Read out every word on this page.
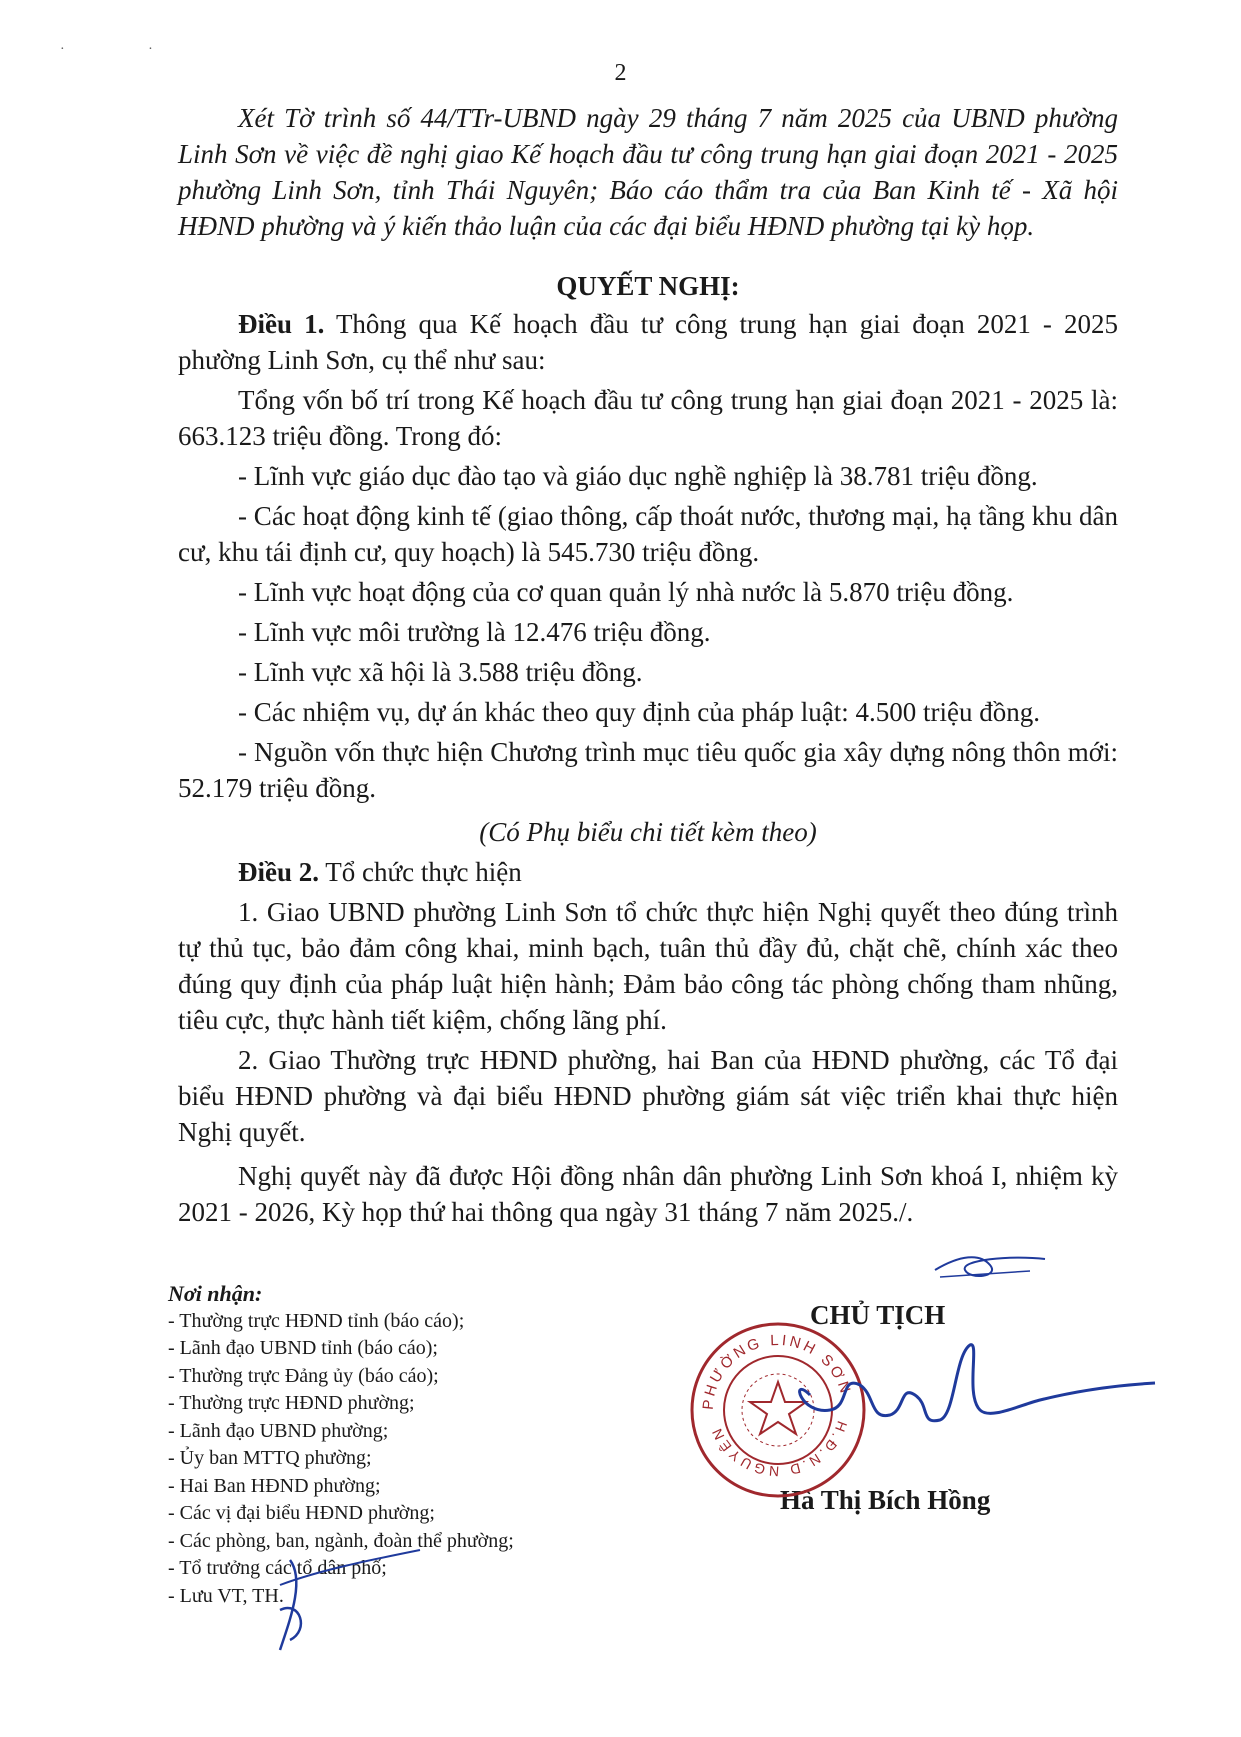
· ·
2

Xét Tờ trình số 44/TTr-UBND ngày 29 tháng 7 năm 2025 của UBND phường Linh Sơn về việc đề nghị giao Kế hoạch đầu tư công trung hạn giai đoạn 2021 - 2025 phường Linh Sơn, tỉnh Thái Nguyên; Báo cáo thẩm tra của Ban Kinh tế - Xã hội HĐND phường và ý kiến thảo luận của các đại biểu HĐND phường tại kỳ họp.

QUYẾT NGHỊ:

Điều 1. Thông qua Kế hoạch đầu tư công trung hạn giai đoạn 2021 - 2025 phường Linh Sơn, cụ thể như sau:

Tổng vốn bố trí trong Kế hoạch đầu tư công trung hạn giai đoạn 2021 - 2025 là: 663.123 triệu đồng. Trong đó:

- Lĩnh vực giáo dục đào tạo và giáo dục nghề nghiệp là 38.781 triệu đồng.

- Các hoạt động kinh tế (giao thông, cấp thoát nước, thương mại, hạ tầng khu dân cư, khu tái định cư, quy hoạch) là 545.730 triệu đồng.

- Lĩnh vực hoạt động của cơ quan quản lý nhà nước là 5.870 triệu đồng.

- Lĩnh vực môi trường là 12.476 triệu đồng.

- Lĩnh vực xã hội là 3.588 triệu đồng.

- Các nhiệm vụ, dự án khác theo quy định của pháp luật: 4.500 triệu đồng.

- Nguồn vốn thực hiện Chương trình mục tiêu quốc gia xây dựng nông thôn mới: 52.179 triệu đồng.

(Có Phụ biểu chi tiết kèm theo)

Điều 2. Tổ chức thực hiện

1. Giao UBND phường Linh Sơn tổ chức thực hiện Nghị quyết theo đúng trình tự thủ tục, bảo đảm công khai, minh bạch, tuân thủ đầy đủ, chặt chẽ, chính xác theo đúng quy định của pháp luật hiện hành; Đảm bảo công tác phòng chống tham nhũng, tiêu cực, thực hành tiết kiệm, chống lãng phí.

2. Giao Thường trực HĐND phường, hai Ban của HĐND phường, các Tổ đại biểu HĐND phường và đại biểu HĐND phường giám sát việc triển khai thực hiện Nghị quyết.

Nghị quyết này đã được Hội đồng nhân dân phường Linh Sơn khoá I, nhiệm kỳ 2021 - 2026, Kỳ họp thứ hai thông qua ngày 31 tháng 7 năm 2025./.

Nơi nhận:
- Thường trực HĐND tỉnh (báo cáo);
- Lãnh đạo UBND tỉnh (báo cáo);
- Thường trực Đảng ủy (báo cáo);
- Thường trực HĐND phường;
- Lãnh đạo UBND phường;
- Ủy ban MTTQ phường;
- Hai Ban HĐND phường;
- Các vị đại biểu HĐND phường;
- Các phòng, ban, ngành, đoàn thể phường;
- Tổ trưởng các tổ dân phố;
- Lưu VT, TH.
CHỦ TỊCH
Hà Thị Bích Hồng
PHƯỜNG LINH SƠN
H.Đ.N.D NGUYÊN
